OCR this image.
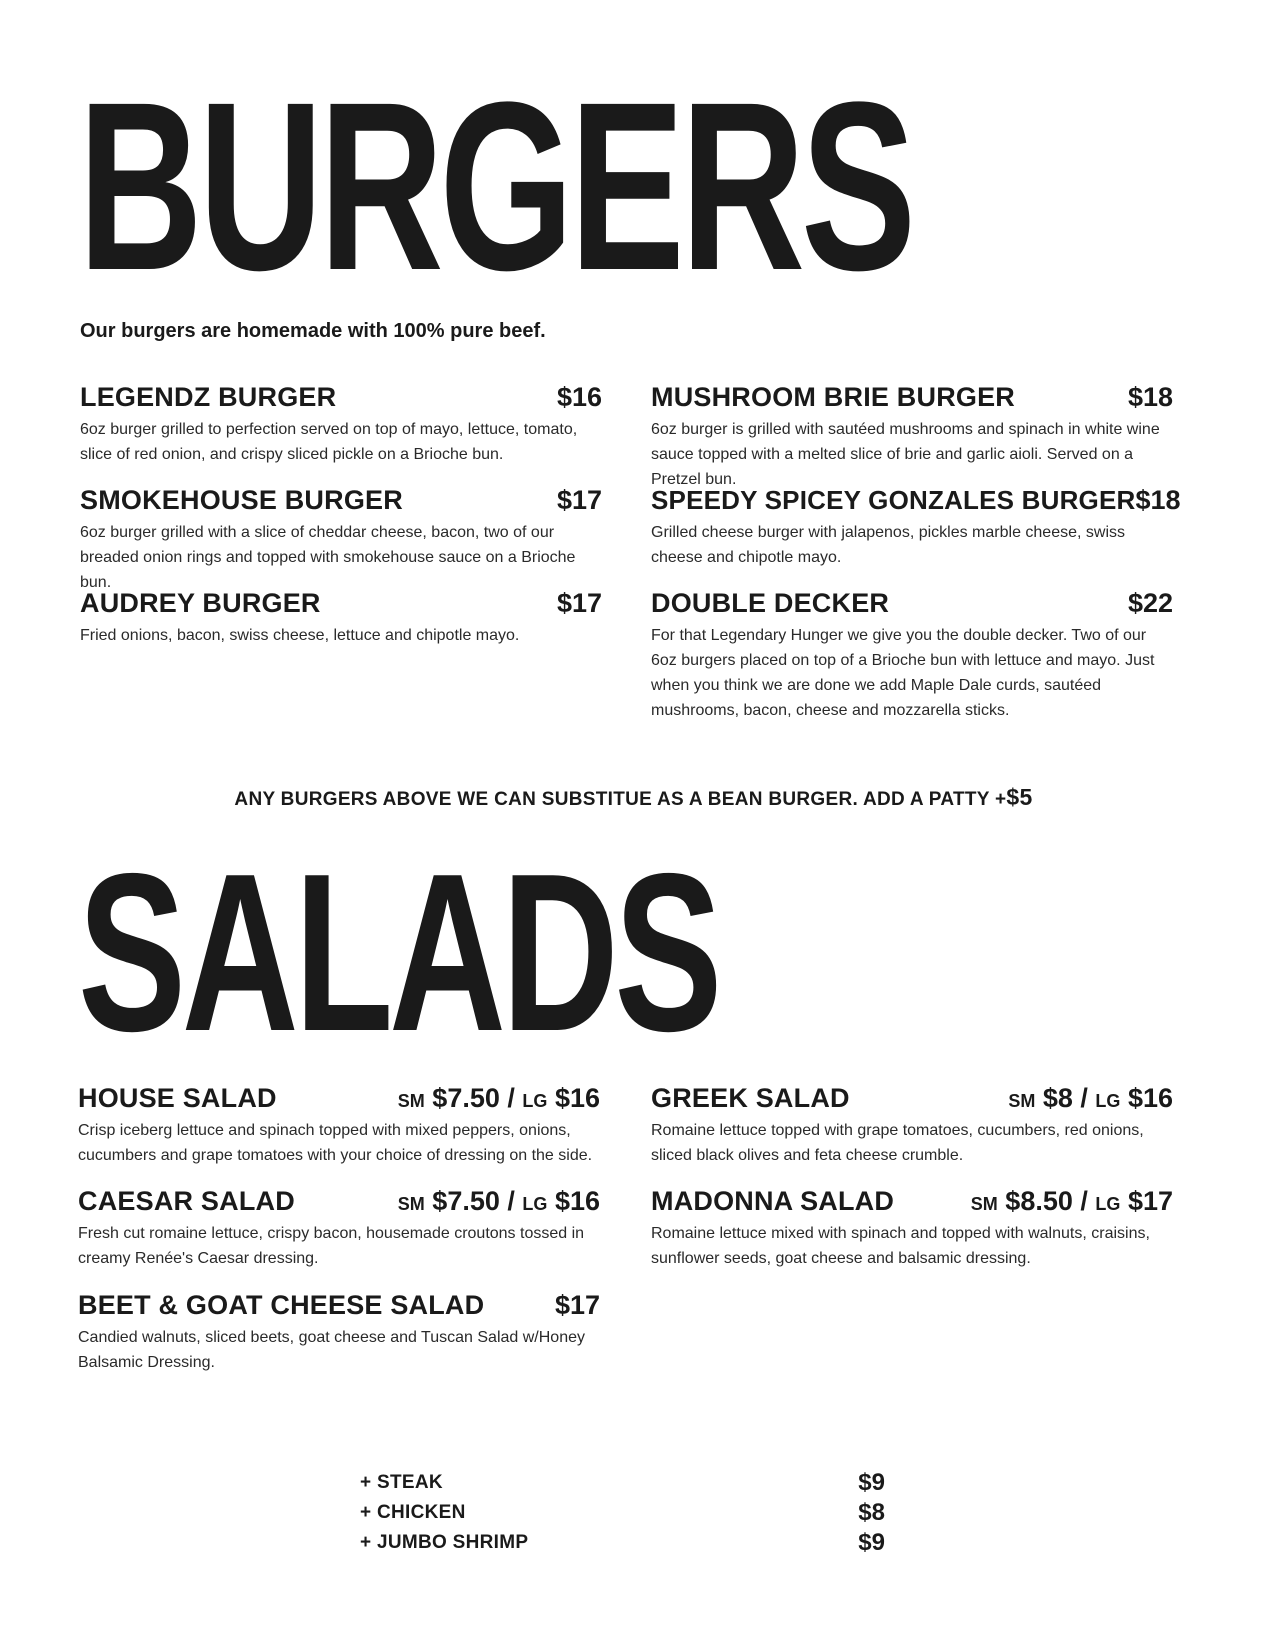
BURGERS

Our burgers are homemade with 100% pure beef.

LEGENDZ BURGER	$16

6oz burger grilled to perfection served on top of mayo, lettuce, tomato, slice of red onion, and crispy sliced pickle on a Brioche bun.

SMOKEHOUSE BURGER	$17

6oz burger grilled with a slice of cheddar cheese, bacon, two of our breaded onion rings and topped with smokehouse sauce on a Brioche bun.

AUDREY BURGER	$17

Fried onions, bacon, swiss cheese, lettuce and chipotle mayo.

MUSHROOM BRIE BURGER	$18

6oz burger is grilled with sautéed mushrooms and spinach in white wine sauce topped with a melted slice of brie and garlic aioli. Served on a Pretzel bun.

SPEEDY SPICEY GONZALES BURGER $18

Grilled cheese burger with jalapenos, pickles marble cheese, swiss cheese and chipotle mayo.

DOUBLE DECKER	$22

For that Legendary Hunger we give you the double decker. Two of our 6oz burgers placed on top of a Brioche bun with lettuce and mayo. Just when you think we are done we add Maple Dale curds, sautéed mushrooms, bacon, cheese and mozzarella sticks.

ANY BURGERS ABOVE WE CAN SUBSTITUE AS A BEAN BURGER. ADD A PATTY +$5

SALADS
HOUSE SALAD	SM $7.50 / LG $16

Crisp iceberg lettuce and spinach topped with mixed peppers, onions, cucumbers and grape tomatoes with your choice of dressing on the side.

CAESAR SALAD	SM $7.50 / LG $16

Fresh cut romaine lettuce, crispy bacon, housemade croutons tossed in creamy Renée's Caesar dressing.

BEET & GOAT CHEESE SALAD	$17

Candied walnuts, sliced beets, goat cheese and Tuscan Salad w/Honey Balsamic Dressing.

GREEK SALAD	SM $8 / LG $16

Romaine lettuce topped with grape tomatoes, cucumbers, red onions, sliced black olives and feta cheese crumble.

MADONNA SALAD	SM $8.50 / LG $17

Romaine lettuce mixed with spinach and topped with walnuts, craisins, sunflower seeds, goat cheese and balsamic dressing.

+ STEAK	$9
+ CHICKEN	$8
+ JUMBO SHRIMP	$9
